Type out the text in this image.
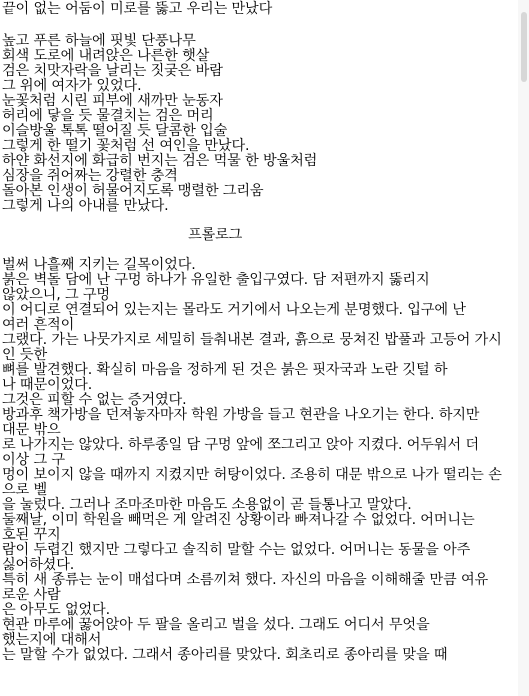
끝이 없는 어둠이 미로를 뚫고 우리는 만났다
높고 푸른 하늘에 핏빛 단풍나무
회색 도로에 내려앉은 나른한 햇살
검은 치맛자락을 날리는 짓궂은 바람
그 위에 여자가 있었다.
눈꽃처럼 시린 피부에 새까만 눈동자
허리에 닿을 듯 물결치는 검은 머리
이슬방울 톡톡 떨어질 듯 달콤한 입술
그렇게 한 떨기 꽃처럼 선 여인을 만났다.
하얀 화선지에 화급히 번지는 검은 먹물 한 방울처럼
심장을 쥐어짜는 강렬한 충격
돌아본 인생이 허물어지도록 맹렬한 그리움
그렇게 나의 아내를 만났다.
프롤로그
벌써 나흘째 지키는 길목이었다.
붉은 벽돌 담에 난 구멍 하나가 유일한 출입구였다. 담 저편까지 뚫리지
않았으니, 그 구멍
이 어디로 연결되어 있는지는 몰라도 거기에서 나오는게 분명했다. 입구에 난
여러 흔적이
그랬다. 가는 나뭇가지로 세밀히 들춰내본 결과, 흙으로 뭉쳐진 밥풀과 고등어 가시
인 듯한
뼈를 발견했다. 확실히 마음을 정하게 된 것은 붉은 핏자국과 노란 깃털 하
나 때문이었다.
그것은 피할 수 없는 증거였다.
방과후 책가방을 던져놓자마자 학원 가방을 들고 현관을 나오기는 한다. 하지만
대문 밖으
로 나가지는 않았다. 하루종일 담 구멍 앞에 쪼그리고 앉아 지켰다. 어두워서 더
이상 그 구
멍이 보이지 않을 때까지 지켰지만 허탕이었다. 조용히 대문 밖으로 나가 떨리는 손
으로 벨
을 눌렀다. 그러나 조마조마한 마음도 소용없이 곧 들통나고 말았다.
둘째날, 이미 학원을 빼먹은 게 알려진 상황이라 빠져나갈 수 없었다. 어머니는
호된 꾸지
람이 두렵긴 했지만 그렇다고 솔직히 말할 수는 없었다. 어머니는 동물을 아주
싫어하셨다.
특히 새 종류는 눈이 매섭다며 소름끼쳐 했다. 자신의 마음을 이해해줄 만큼 여유
로운 사람
은 아무도 없었다.
현관 마루에 꿇어앉아 두 팔을 올리고 벌을 섰다. 그래도 어디서 무엇을
했는지에 대해서
는 말할 수가 없었다. 그래서 종아리를 맞았다. 회초리로 종아리를 맞을 때
